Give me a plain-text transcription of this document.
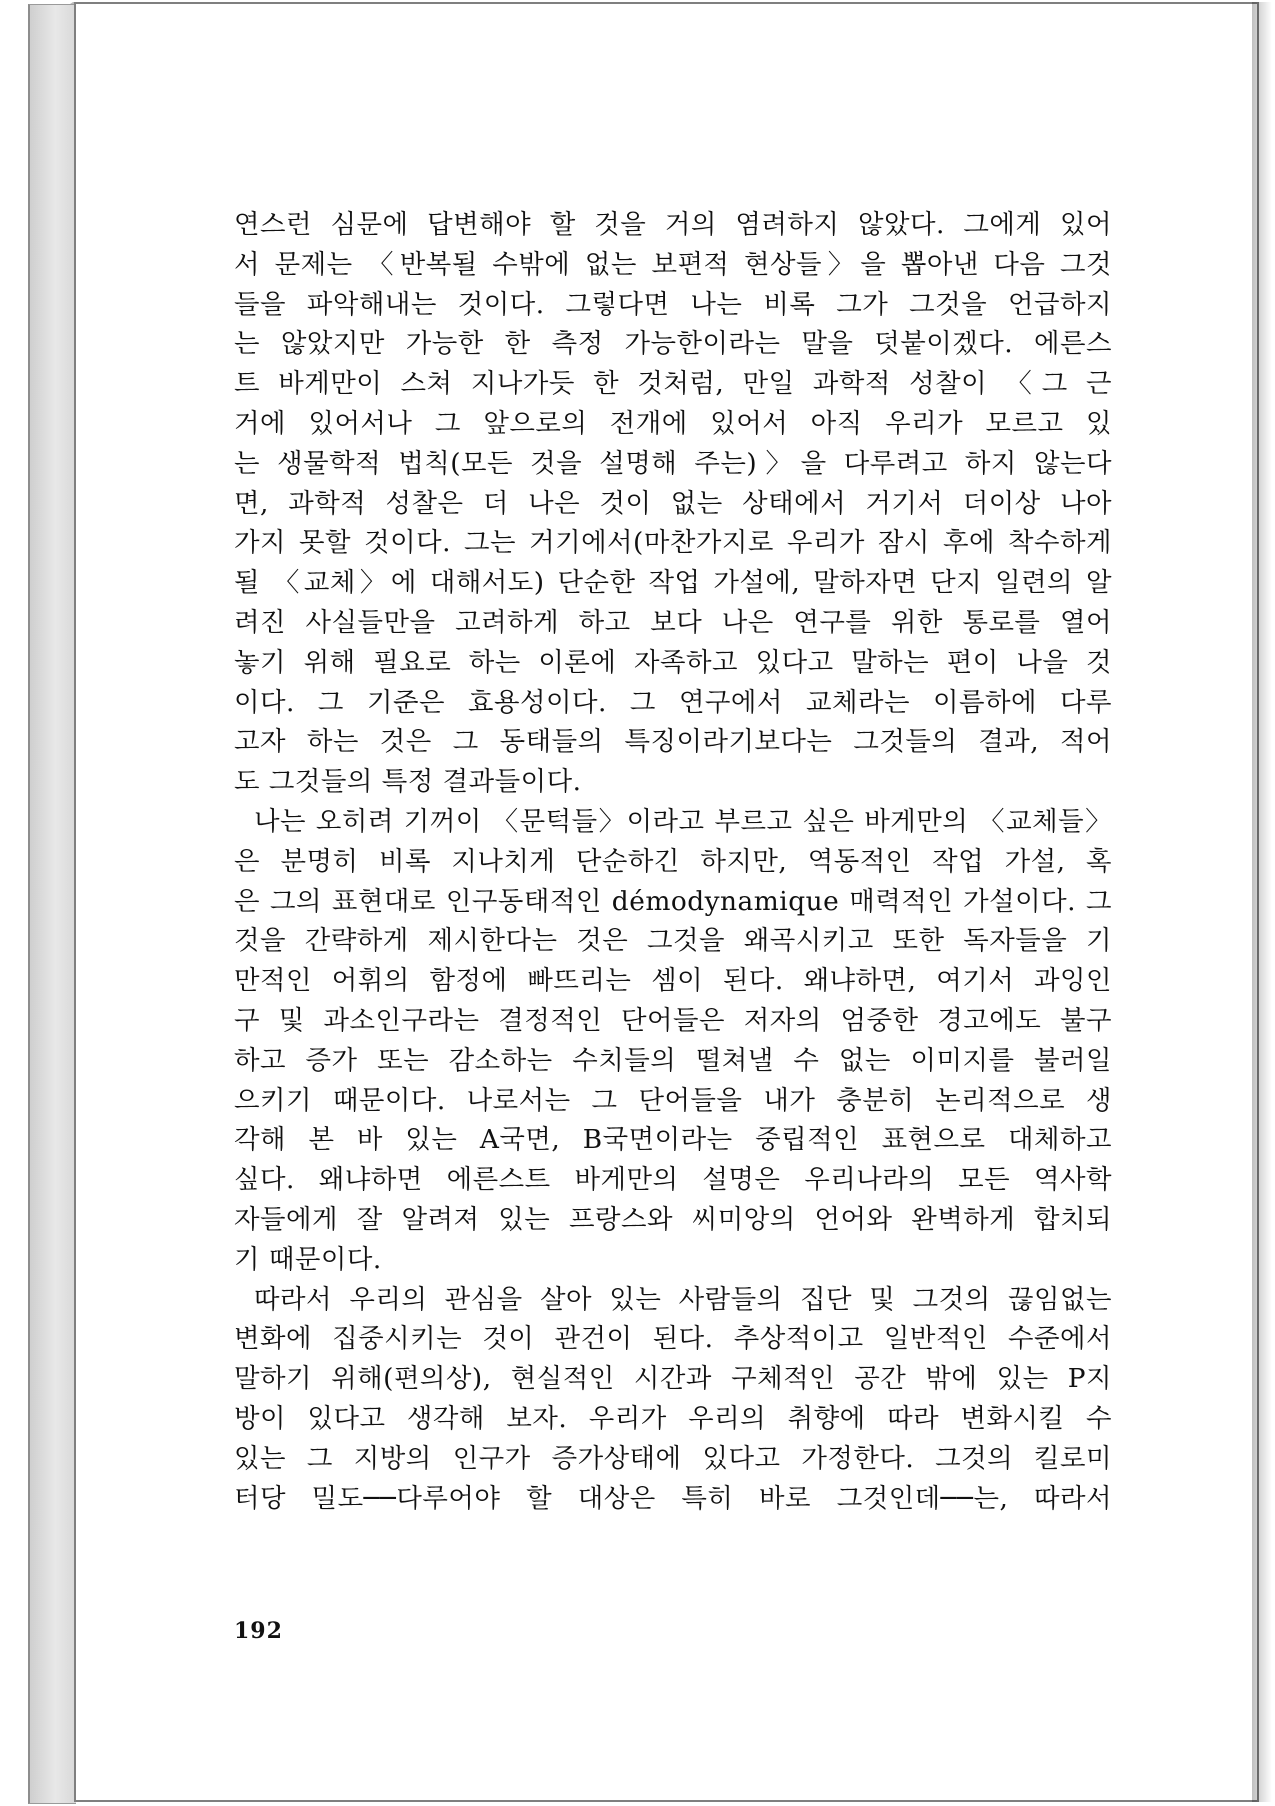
연스런 심문에 답변해야 할 것을 거의 염려하지 않았다. 그에게 있어

서 문제는 〈반복될 수밖에 없는 보편적 현상들〉을 뽑아낸 다음 그것

들을 파악해내는 것이다. 그렇다면 나는 비록 그가 그것을 언급하지

는 않았지만 가능한 한 측정 가능한이라는 말을 덧붙이겠다. 에른스

트 바게만이 스쳐 지나가듯 한 것처럼, 만일 과학적 성찰이 〈그 근

거에 있어서나 그 앞으로의 전개에 있어서 아직 우리가 모르고 있

는 생물학적 법칙(모든 것을 설명해 주는)〉을 다루려고 하지 않는다

면, 과학적 성찰은 더 나은 것이 없는 상태에서 거기서 더이상 나아

가지 못할 것이다. 그는 거기에서(마찬가지로 우리가 잠시 후에 착수하게

될 〈교체〉에 대해서도) 단순한 작업 가설에, 말하자면 단지 일련의 알

려진 사실들만을 고려하게 하고 보다 나은 연구를 위한 통로를 열어

놓기 위해 필요로 하는 이론에 자족하고 있다고 말하는 편이 나을 것

이다. 그 기준은 효용성이다. 그 연구에서 교체라는 이름하에 다루

고자 하는 것은 그 동태들의 특징이라기보다는 그것들의 결과, 적어

도 그것들의 특정 결과들이다.

나는 오히려 기꺼이 〈문턱들〉이라고 부르고 싶은 바게만의 〈교체들〉

은 분명히 비록 지나치게 단순하긴 하지만, 역동적인 작업 가설, 혹

은 그의 표현대로 인구동태적인 démodynamique 매력적인 가설이다. 그

것을 간략하게 제시한다는 것은 그것을 왜곡시키고 또한 독자들을 기

만적인 어휘의 함정에 빠뜨리는 셈이 된다. 왜냐하면, 여기서 과잉인

구 및 과소인구라는 결정적인 단어들은 저자의 엄중한 경고에도 불구

하고 증가 또는 감소하는 수치들의 떨쳐낼 수 없는 이미지를 불러일

으키기 때문이다. 나로서는 그 단어들을 내가 충분히 논리적으로 생

각해 본 바 있는 A국면, B국면이라는 중립적인 표현으로 대체하고

싶다. 왜냐하면 에른스트 바게만의 설명은 우리나라의 모든 역사학

자들에게 잘 알려져 있는 프랑스와 씨미앙의 언어와 완벽하게 합치되

기 때문이다.

따라서 우리의 관심을 살아 있는 사람들의 집단 및 그것의 끊임없는

변화에 집중시키는 것이 관건이 된다. 추상적이고 일반적인 수준에서

말하기 위해(편의상), 현실적인 시간과 구체적인 공간 밖에 있는 P지

방이 있다고 생각해 보자. 우리가 우리의 취향에 따라 변화시킬 수

있는 그 지방의 인구가 증가상태에 있다고 가정한다. 그것의 킬로미

터당 밀도──다루어야 할 대상은 특히 바로 그것인데──는, 따라서

192
